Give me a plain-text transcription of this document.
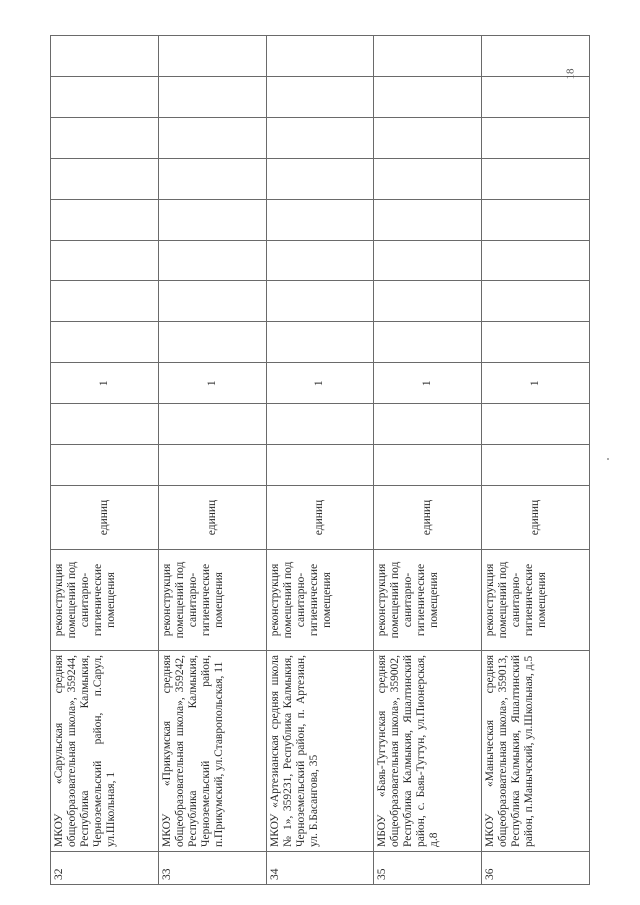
32	МКОУ «Сарульская средняя общеобразовательная школа», 359244, Республика Калмыкия, Черноземельский район, п.Сарул, ул.Школьная, 1	реконструкция помещений под санитарно-гигиенические помещения	единиц			1								
33	МКОУ «Прикумская средняя общеобразовательная школа», 359242, Республика Калмыкия, Черноземельский район, п.Прикумский, ул.Ставропольская, 11	реконструкция помещений под санитарно-гигиенические помещения	единиц			1								
34	МКОУ «Артезианская средняя школа № 1», 359231, Республика Калмыкия, Черноземельский район, п. Артезиан, ул. Б.Басангова, 35	реконструкция помещений под санитарно-гигиенические помещения	единиц			1								
35	МБОУ «Баяь-Тугтунская средняя общеобразовательная школа», 359002, Республика Калмыкия, Яшалтинский район, с. Баяь-Тугтун, ул.Пионерская, д.8	реконструкция помещений под санитарно-гигиенические помещения	единиц			1								
36	МКОУ «Маныческая средняя общеобразовательная школа», 359013, Республика Калмыкия, Яшалтинский район, п.Манычский, ул.Школьная, д.5	реконструкция помещений под санитарно-гигиенические помещения	единиц			1								
18
